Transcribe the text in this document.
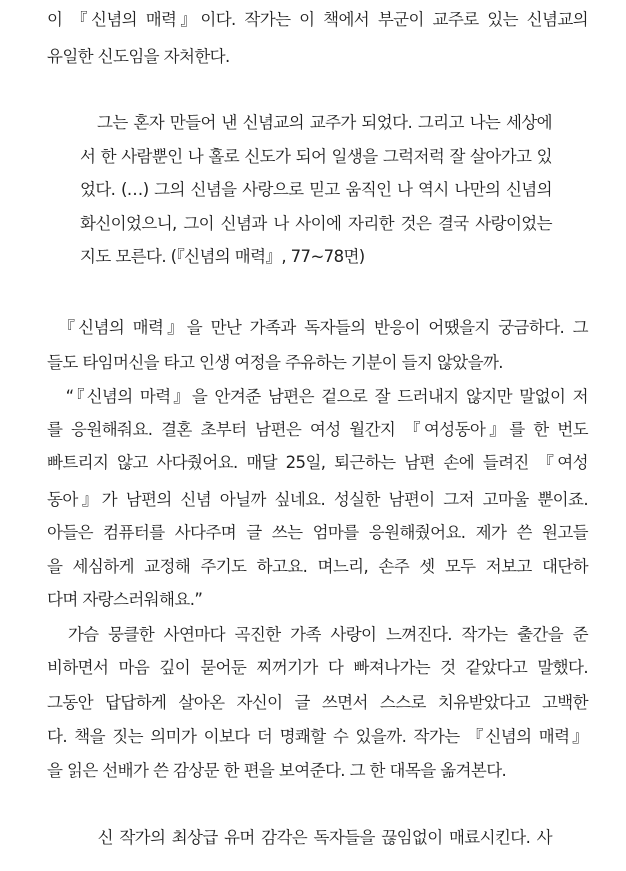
이 『신념의 매력』이다. 작가는 이 책에서 부군이 교주로 있는 신념교의
유일한 신도임을 자처한다.
　그는 혼자 만들어 낸 신념교의 교주가 되었다. 그리고 나는 세상에
서 한 사람뿐인 나 홀로 신도가 되어 일생을 그럭저럭 잘 살아가고 있
었다. (…) 그의 신념을 사랑으로 믿고 움직인 나 역시 나만의 신념의
화신이었으니, 그이 신념과 나 사이에 자리한 것은 결국 사랑이었는
지도 모른다. (『신념의 매력』, 77~78면)
　『신념의 매력』을 만난 가족과 독자들의 반응이 어땠을지 궁금하다. 그
들도 타임머신을 타고 인생 여정을 주유하는 기분이 들지 않았을까.
　“『신념의 마력』을 안겨준 남편은 겉으로 잘 드러내지 않지만 말없이 저
를 응원해줘요. 결혼 초부터 남편은 여성 월간지 『여성동아』를 한 번도
빠트리지 않고 사다줬어요. 매달 25일, 퇴근하는 남편 손에 들려진 『여성
동아』가 남편의 신념 아닐까 싶네요. 성실한 남편이 그저 고마울 뿐이죠.
아들은 컴퓨터를 사다주며 글 쓰는 엄마를 응원해줬어요. 제가 쓴 원고들
을 세심하게 교정해 주기도 하고요. 며느리, 손주 셋 모두 저보고 대단하
다며 자랑스러워해요.”
　가슴 뭉클한 사연마다 곡진한 가족 사랑이 느껴진다. 작가는 출간을 준
비하면서 마음 깊이 묻어둔 찌꺼기가 다 빠져나가는 것 같았다고 말했다.
그동안 답답하게 살아온 자신이 글 쓰면서 스스로 치유받았다고 고백한
다. 책을 짓는 의미가 이보다 더 명쾌할 수 있을까. 작가는 『신념의 매력』
을 읽은 선배가 쓴 감상문 한 편을 보여준다. 그 한 대목을 옮겨본다.
　신 작가의 최상급 유머 감각은 독자들을 끊임없이 매료시킨다. 사
